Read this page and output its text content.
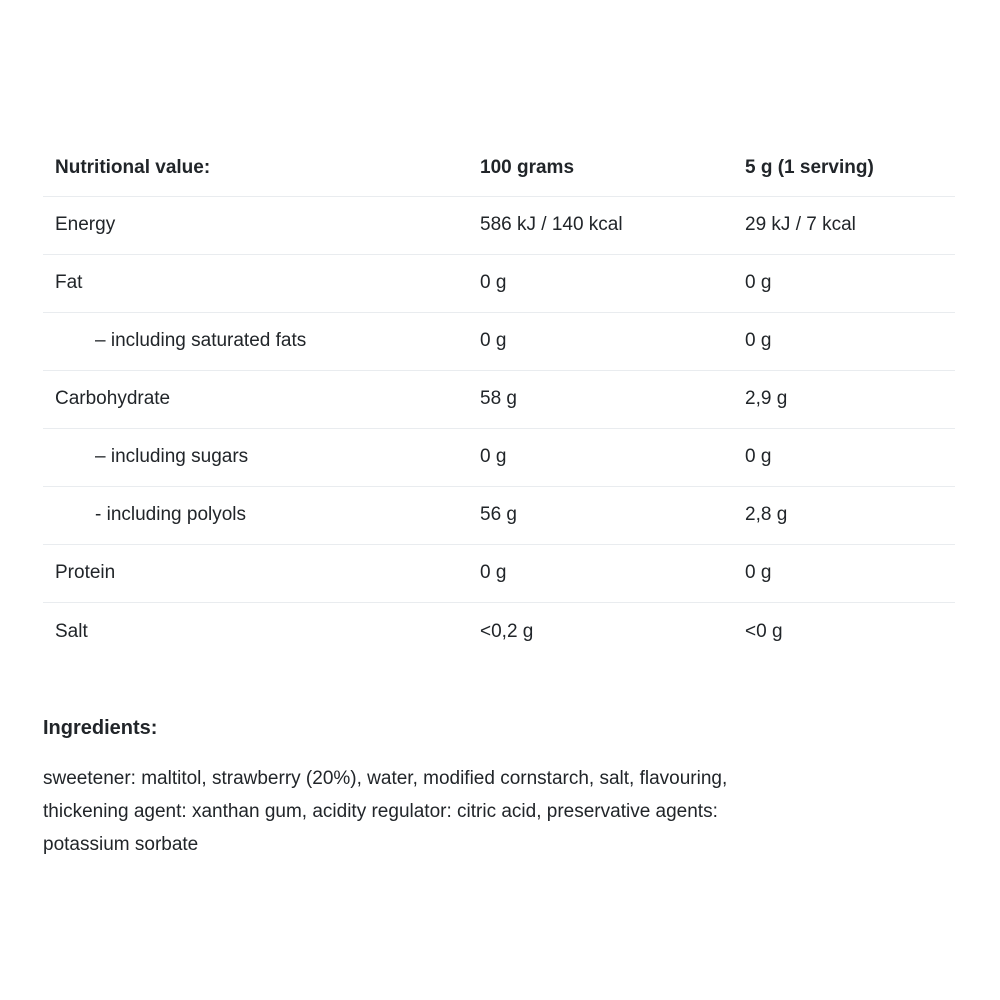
Nutritional value:	100 grams	5 g (1 serving)
Energy	586 kJ / 140 kcal	29 kJ / 7 kcal
Fat	0 g	0 g
– including saturated fats	0 g	0 g
Carbohydrate	58 g	2,9 g
– including sugars	0 g	0 g
- including polyols	56 g	2,8 g
Protein	0 g	0 g
Salt	<0,2 g	<0 g
Ingredients:
sweetener: maltitol, strawberry (20%), water, modified cornstarch, salt, flavouring,
thickening agent: xanthan gum, acidity regulator: citric acid, preservative agents:
potassium sorbate
